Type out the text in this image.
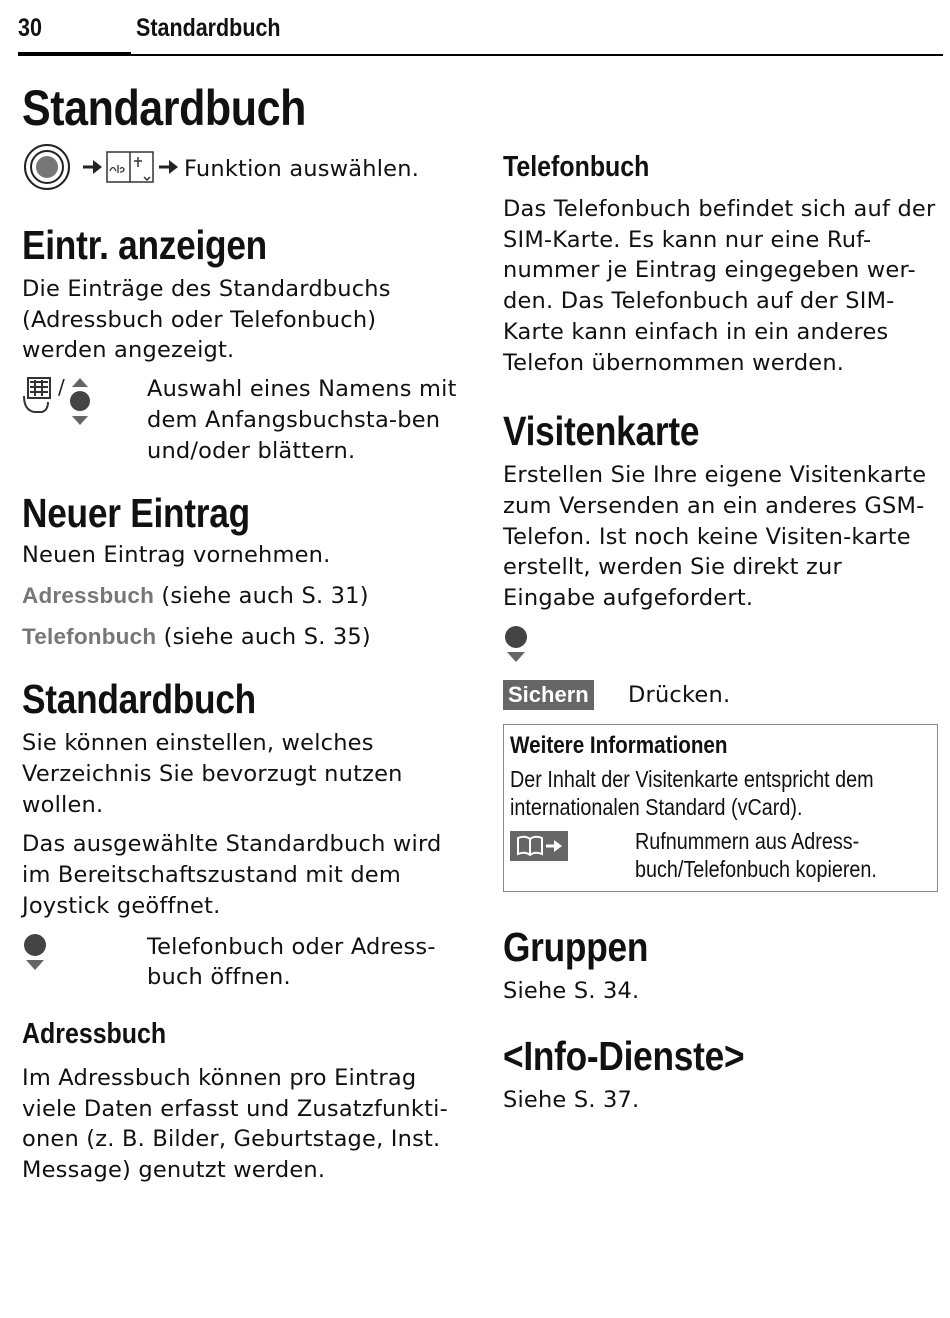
30	Standardbuch
Standardbuch
Funktion auswählen.
Eintr. anzeigen

Die Einträge des Standardbuchs (Adressbuch oder Telefonbuch) werden angezeigt.

/	Auswahl eines Namens mit dem Anfangsbuchsta-ben und/oder blättern.
Neuer Eintrag

Neuen Eintrag vornehmen.

Adressbuch (siehe auch S. 31)

Telefonbuch (siehe auch S. 35)

Standardbuch

Sie können einstellen, welches Verzeichnis Sie bevorzugt nutzen wollen.

Das ausgewählte Standardbuch wird im Bereitschaftszustand mit dem Joystick geöffnet.

Telefonbuch oder Adress-buch öffnen.
Adressbuch

Im Adressbuch können pro Eintrag viele Daten erfasst und Zusatzfunkti-onen (z. B. Bilder, Geburtstage, Inst. Message) genutzt werden.

Telefonbuch

Das Telefonbuch befindet sich auf der SIM-Karte. Es kann nur eine Ruf-nummer je Eintrag eingegeben wer-den. Das Telefonbuch auf der SIM-Karte kann einfach in ein anderes Telefon übernommen werden.

Visitenkarte

Erstellen Sie Ihre eigene Visitenkarte zum Versenden an ein anderes GSM-Telefon. Ist noch keine Visiten-karte erstellt, werden Sie direkt zur Eingabe aufgefordert.

Sichern	Drücken.
Weitere Informationen
Der Inhalt der Visitenkarte entspricht dem internationalen Standard (vCard).
Rufnummern aus Adress-buch/Telefonbuch kopieren.
Gruppen

Siehe S. 34.

<Info-Dienste>

Siehe S. 37.
